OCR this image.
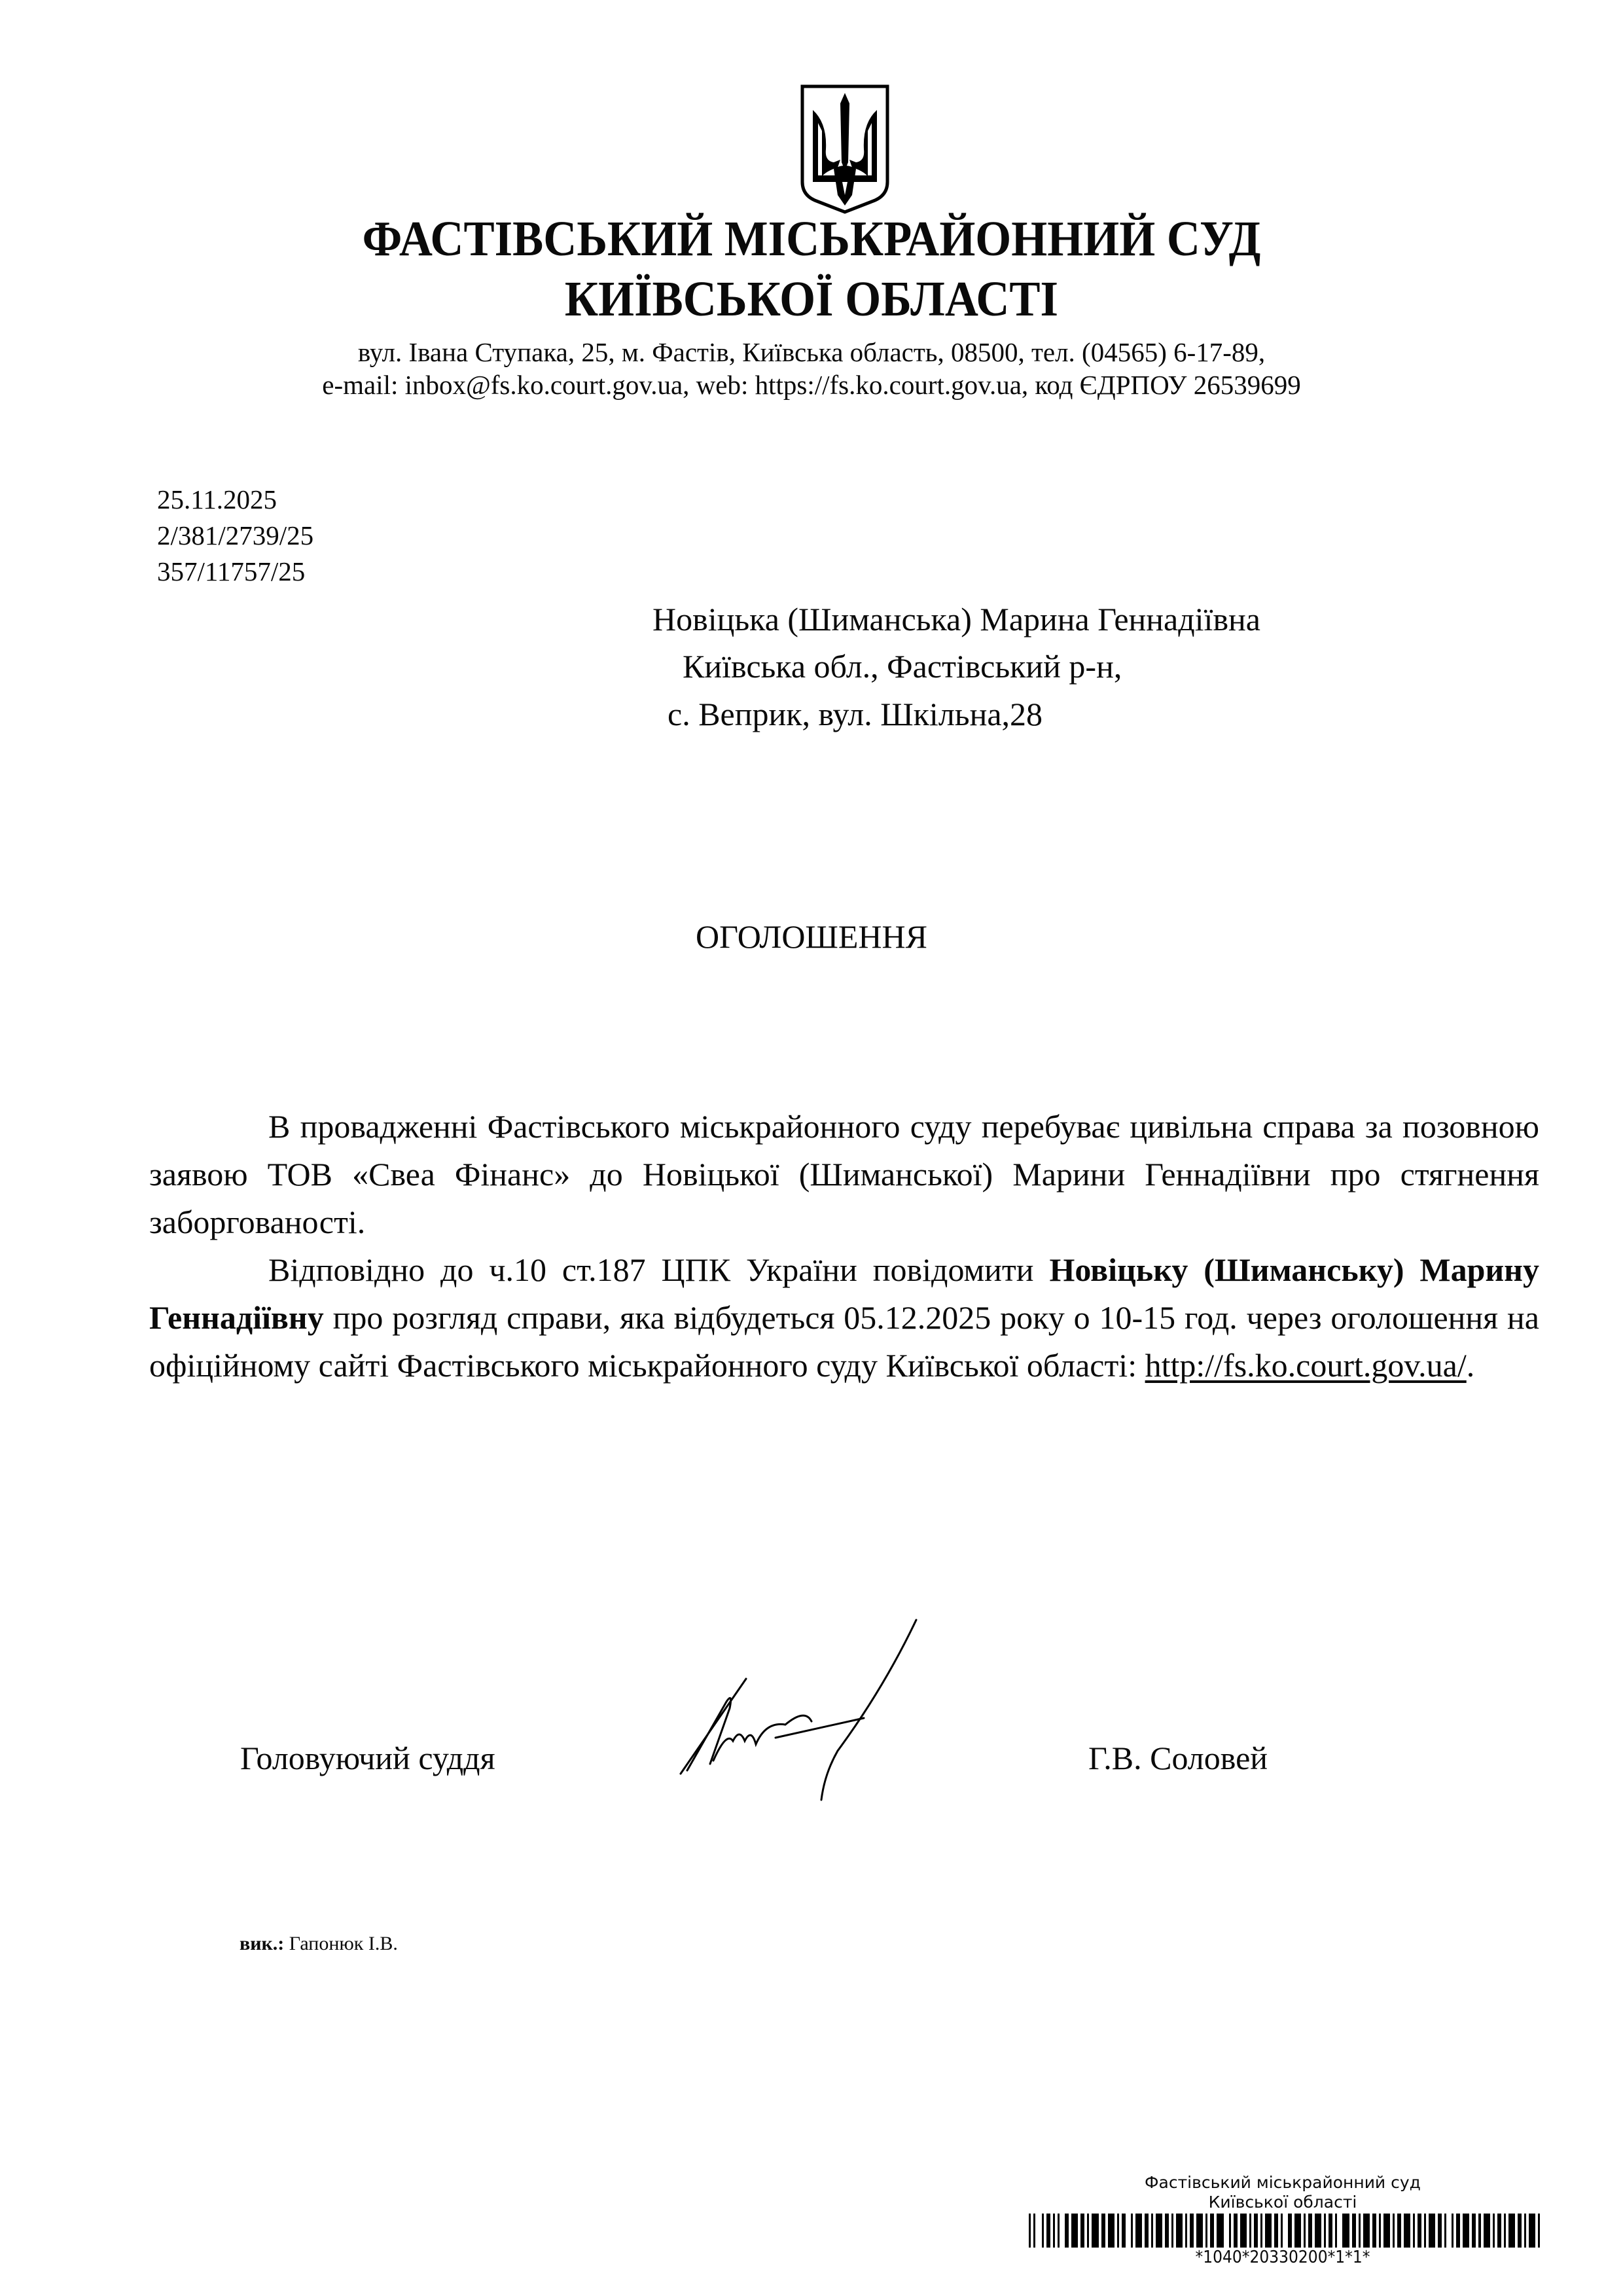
ФАСТІВСЬКИЙ МІСЬКРАЙОННИЙ СУД
КИЇВСЬКОЇ ОБЛАСТІ
вул. Івана Ступака, 25, м. Фастів, Київська область, 08500, тел. (04565) 6-17-89,
e-mail: inbox@fs.ko.court.gov.ua, web: https://fs.ko.court.gov.ua, код ЄДРПОУ 26539699
25.11.2025
2/381/2739/25
357/11757/25
Новіцька (Шиманська) Марина Геннадіївна
Київська обл., Фастівський р-н,
с. Веприк, вул. Шкільна,28
ОГОЛОШЕННЯ

В провадженні Фастівського міськрайонного суду перебуває цивільна справа за позовною заявою ТОВ «Свеа Фінанс» до Новіцької (Шиманської) Марини Геннадіївни про стягнення заборгованості.

Відповідно до ч.10 ст.187 ЦПК України повідомити Новіцьку (Шиманську) Марину Геннадіївну про розгляд справи, яка відбудеться 05.12.2025 року о 10-15 год. через оголошення на офіційному сайті Фастівського міськрайонного суду Київської області: http://fs.ko.court.gov.ua/.

Головуючий суддя	Г.В. Соловей
вик.: Гапонюк І.В.
Фастівський міськрайонний суд
Київської області
*1040*20330200*1*1*
